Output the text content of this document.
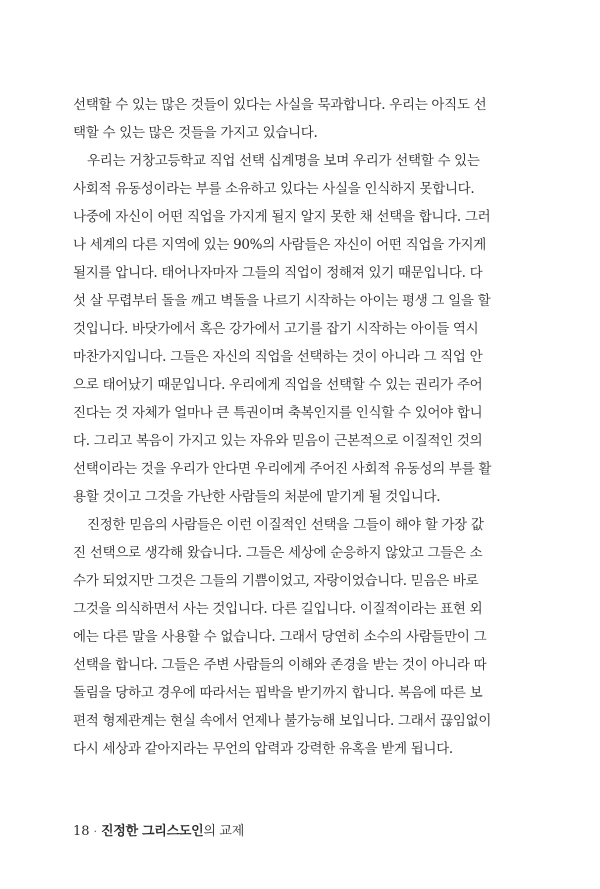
선택할 수 있는 많은 것들이 있다는 사실을 묵과합니다. 우리는 아직도 선
택할 수 있는 많은 것들을 가지고 있습니다.
우리는 거창고등학교 직업 선택 십계명을 보며 우리가 선택할 수 있는
사회적 유동성이라는 부를 소유하고 있다는 사실을 인식하지 못합니다.
나중에 자신이 어떤 직업을 가지게 될지 알지 못한 채 선택을 합니다. 그러
나 세계의 다른 지역에 있는 90%의 사람들은 자신이 어떤 직업을 가지게
될지를 압니다. 태어나자마자 그들의 직업이 정해져 있기 때문입니다. 다
섯 살 무렵부터 돌을 깨고 벽돌을 나르기 시작하는 아이는 평생 그 일을 할
것입니다. 바닷가에서 혹은 강가에서 고기를 잡기 시작하는 아이들 역시
마찬가지입니다. 그들은 자신의 직업을 선택하는 것이 아니라 그 직업 안
으로 태어났기 때문입니다. 우리에게 직업을 선택할 수 있는 권리가 주어
진다는 것 자체가 얼마나 큰 특권이며 축복인지를 인식할 수 있어야 합니
다. 그리고 복음이 가지고 있는 자유와 믿음이 근본적으로 이질적인 것의
선택이라는 것을 우리가 안다면 우리에게 주어진 사회적 유동성의 부를 활
용할 것이고 그것을 가난한 사람들의 처분에 맡기게 될 것입니다.
진정한 믿음의 사람들은 이런 이질적인 선택을 그들이 해야 할 가장 값
진 선택으로 생각해 왔습니다. 그들은 세상에 순응하지 않았고 그들은 소
수가 되었지만 그것은 그들의 기쁨이었고, 자랑이었습니다. 믿음은 바로
그것을 의식하면서 사는 것입니다. 다른 길입니다. 이질적이라는 표현 외
에는 다른 말을 사용할 수 없습니다. 그래서 당연히 소수의 사람들만이 그
선택을 합니다. 그들은 주변 사람들의 이해와 존경을 받는 것이 아니라 따
돌림을 당하고 경우에 따라서는 핍박을 받기까지 합니다. 복음에 따른 보
편적 형제관계는 현실 속에서 언제나 불가능해 보입니다. 그래서 끊임없이
다시 세상과 같아지라는 무언의 압력과 강력한 유혹을 받게 됩니다.
18 · 진정한 그리스도인의 교제
